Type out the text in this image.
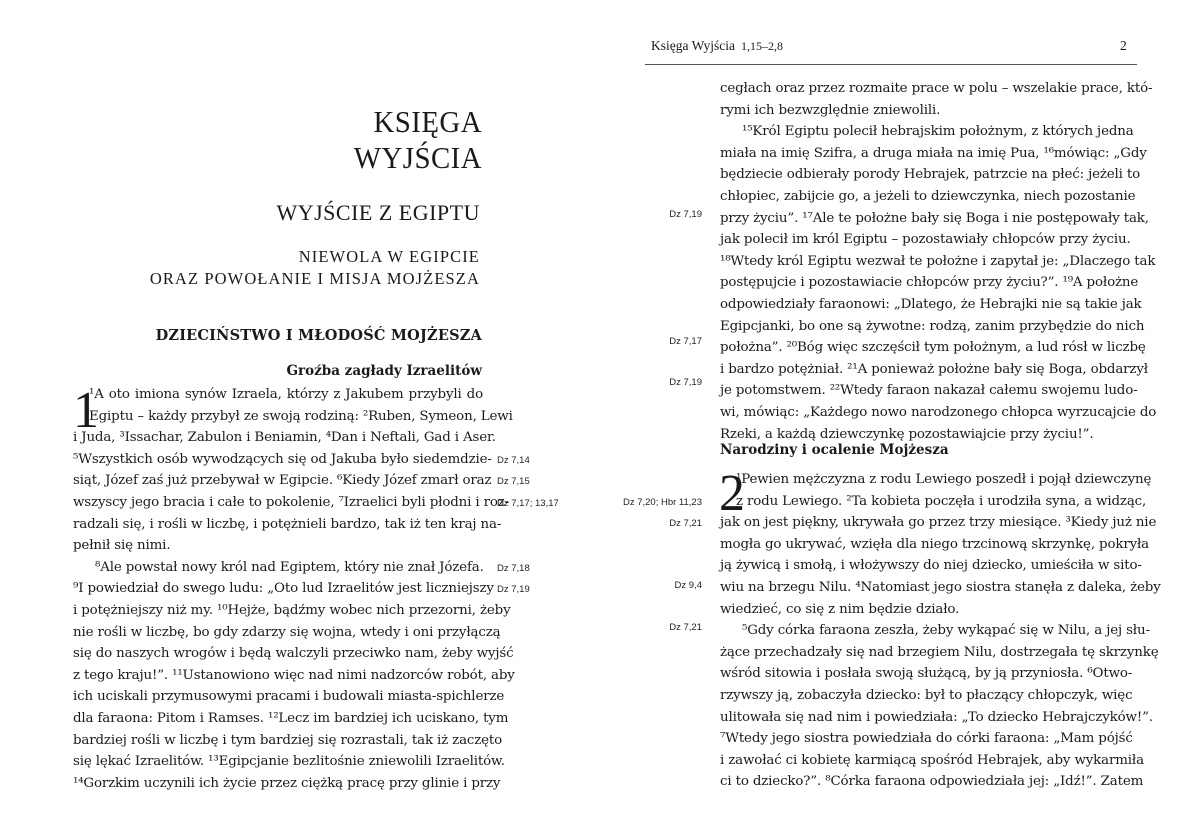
KSIĘGA WYJŚCIA
WYJŚCIE Z EGIPTU
NIEWOLA W EGIPCIE
ORAZ POWOŁANIE I MISJA MOJŻESZA
DZIECIŃSTWO I MŁODOŚĆ MOJŻESZA
Groźba zagłady Izraelitów
1
¹A oto imiona synów Izraela, którzy z Jakubem przybyli do
Egiptu – każdy przybył ze swoją rodziną: ²Ruben, Symeon, Lewi
i Juda, ³Issachar, Zabulon i Beniamin, ⁴Dan i Neftali, Gad i Aser.
⁵Wszystkich osób wywodzących się od Jakuba było siedemdzie-
siąt, Józef zaś już przebywał w Egipcie. ⁶Kiedy Józef zmarł oraz
wszyscy jego bracia i całe to pokolenie, ⁷Izraelici byli płodni i roz-
radzali się, i rośli w liczbę, i potężnieli bardzo, tak iż ten kraj na-
pełnił się nimi.
⁸Ale powstał nowy król nad Egiptem, który nie znał Józefa.
⁹I powiedział do swego ludu: „Oto lud Izraelitów jest liczniejszy
i potężniejszy niż my. ¹⁰Hejże, bądźmy wobec nich przezorni, żeby
nie rośli w liczbę, bo gdy zdarzy się wojna, wtedy i oni przyłączą
się do naszych wrogów i będą walczyli przeciwko nam, żeby wyjść
z tego kraju!”. ¹¹Ustanowiono więc nad nimi nadzorców robót, aby
ich uciskali przymusowymi pracami i budowali miasta-spichlerze
dla faraona: Pitom i Ramses. ¹²Lecz im bardziej ich uciskano, tym
bardziej rośli w liczbę i tym bardziej się rozrastali, tak iż zaczęto
się lękać Izraelitów. ¹³Egipcjanie bezlitośnie zniewolili Izraelitów.
¹⁴Gorzkim uczynili ich życie przez ciężką pracę przy glinie i przy
Dz 7,14
Dz 7,15
Dz 7,17; 13,17
Dz 7,18
Dz 7,19
Księga Wyjścia 1,15–2,8	2
cegłach oraz przez rozmaite prace w polu – wszelakie prace, któ-
rymi ich bezwzględnie zniewolili.
¹⁵Król Egiptu polecił hebrajskim położnym, z których jedna
miała na imię Szifra, a druga miała na imię Pua, ¹⁶mówiąc: „Gdy
będziecie odbierały porody Hebrajek, patrzcie na płeć: jeżeli to
chłopiec, zabijcie go, a jeżeli to dziewczynka, niech pozostanie
przy życiu”. ¹⁷Ale te położne bały się Boga i nie postępowały tak,
jak polecił im król Egiptu – pozostawiały chłopców przy życiu.
¹⁸Wtedy król Egiptu wezwał te położne i zapytał je: „Dlaczego tak
postępujcie i pozostawiacie chłopców przy życiu?”. ¹⁹A położne
odpowiedziały faraonowi: „Dlatego, że Hebrajki nie są takie jak
Egipcjanki, bo one są żywotne: rodzą, zanim przybędzie do nich
położna”. ²⁰Bóg więc szczęścił tym położnym, a lud rósł w liczbę
i bardzo potężniał. ²¹A ponieważ położne bały się Boga, obdarzył
je potomstwem. ²²Wtedy faraon nakazał całemu swojemu ludo-
wi, mówiąc: „Każdego nowo narodzonego chłopca wyrzucajcie do
Rzeki, a każdą dziewczynkę pozostawiajcie przy życiu!”.
Narodziny i ocalenie Mojżesza
2
¹Pewien mężczyzna z rodu Lewiego poszedł i pojął dziewczynę
z rodu Lewiego. ²Ta kobieta poczęła i urodziła syna, a widząc,
jak on jest piękny, ukrywała go przez trzy miesiące. ³Kiedy już nie
mogła go ukrywać, wzięła dla niego trzcinową skrzynkę, pokryła
ją żywicą i smołą, i włożywszy do niej dziecko, umieściła w sito-
wiu na brzegu Nilu. ⁴Natomiast jego siostra stanęła z daleka, żeby
wiedzieć, co się z nim będzie działo.
⁵Gdy córka faraona zeszła, żeby wykąpać się w Nilu, a jej słu-
żące przechadzały się nad brzegiem Nilu, dostrzegała tę skrzynkę
wśród sitowia i posłała swoją służącą, by ją przyniosła. ⁶Otwo-
rzywszy ją, zobaczyła dziecko: był to płaczący chłopczyk, więc
ulitowała się nad nim i powiedziała: „To dziecko Hebrajczyków!”.
⁷Wtedy jego siostra powiedziała do córki faraona: „Mam pójść
i zawołać ci kobietę karmiącą spośród Hebrajek, aby wykarmiła
ci to dziecko?”. ⁸Córka faraona odpowiedziała jej: „Idź!”. Zatem
Dz 7,19
Dz 7,17
Dz 7,19
Dz 7,20; Hbr 11,23
Dz 7,21
Dz 9,4
Dz 7,21
